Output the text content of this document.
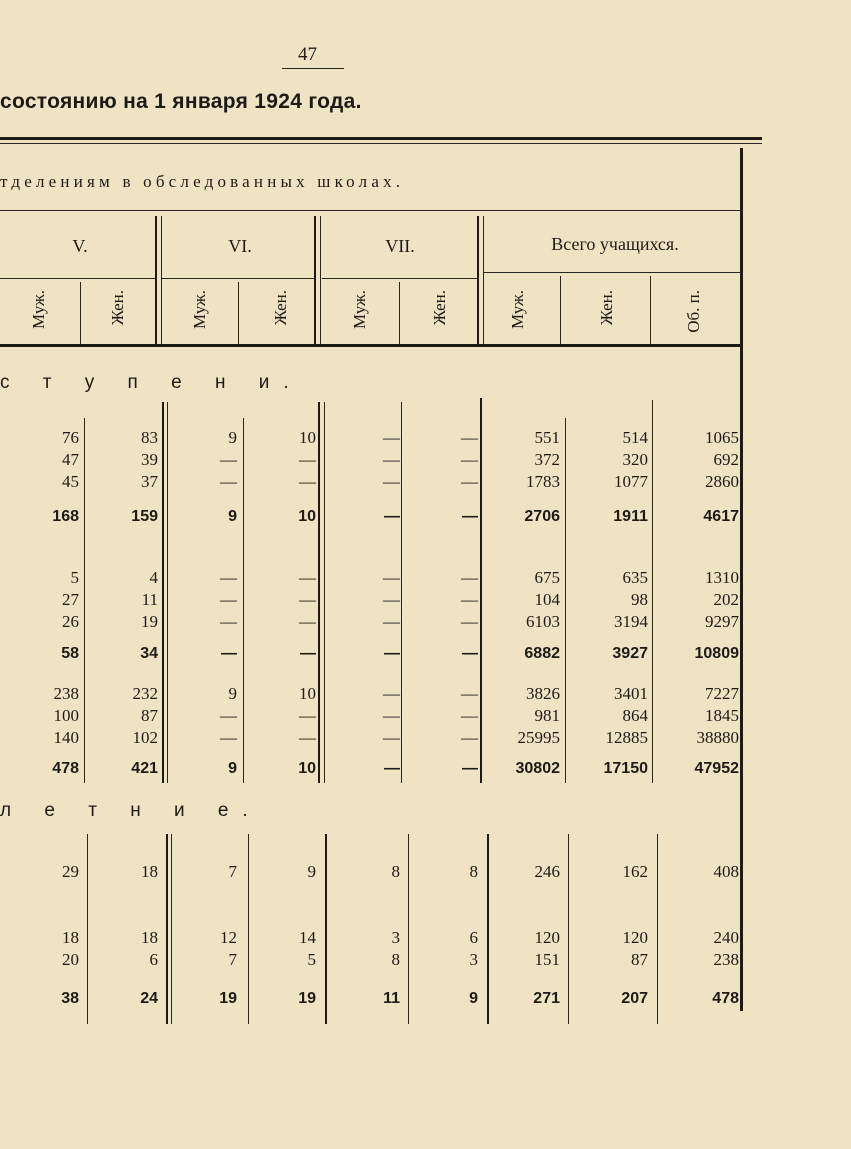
47
состоянию на 1 января 1924 года.
тделениям в обследованных школах.
V.	VI.	VII.	Всего учащихся.
Муж.	Жен.	Муж.	Жен.	Муж.	Жен.	Муж.	Жен.	Об. п.
с т у п е н и.
л е т н и е.
76	83	9	10	—	—	551	514	1065
47	39	—	—	—	—	372	320	692
45	37	—	—	—	—	1783	1077	2860
168	159	9	10	—	—	2706	1911	4617
5	4	—	—	—	—	675	635	1310
27	11	—	—	—	—	104	98	202
26	19	—	—	—	—	6103	3194	9297
58	34	—	—	—	—	6882	3927	10809
238	232	9	10	—	—	3826	3401	7227
100	87	—	—	—	—	981	864	1845
140	102	—	—	—	—	25995	12885	38880
478	421	9	10	—	—	30802	17150	47952
29	18	7	9	8	8	246	162	408
18	18	12	14	3	6	120	120	240
20	6	7	5	8	3	151	87	238
38	24	19	19	11	9	271	207	478
